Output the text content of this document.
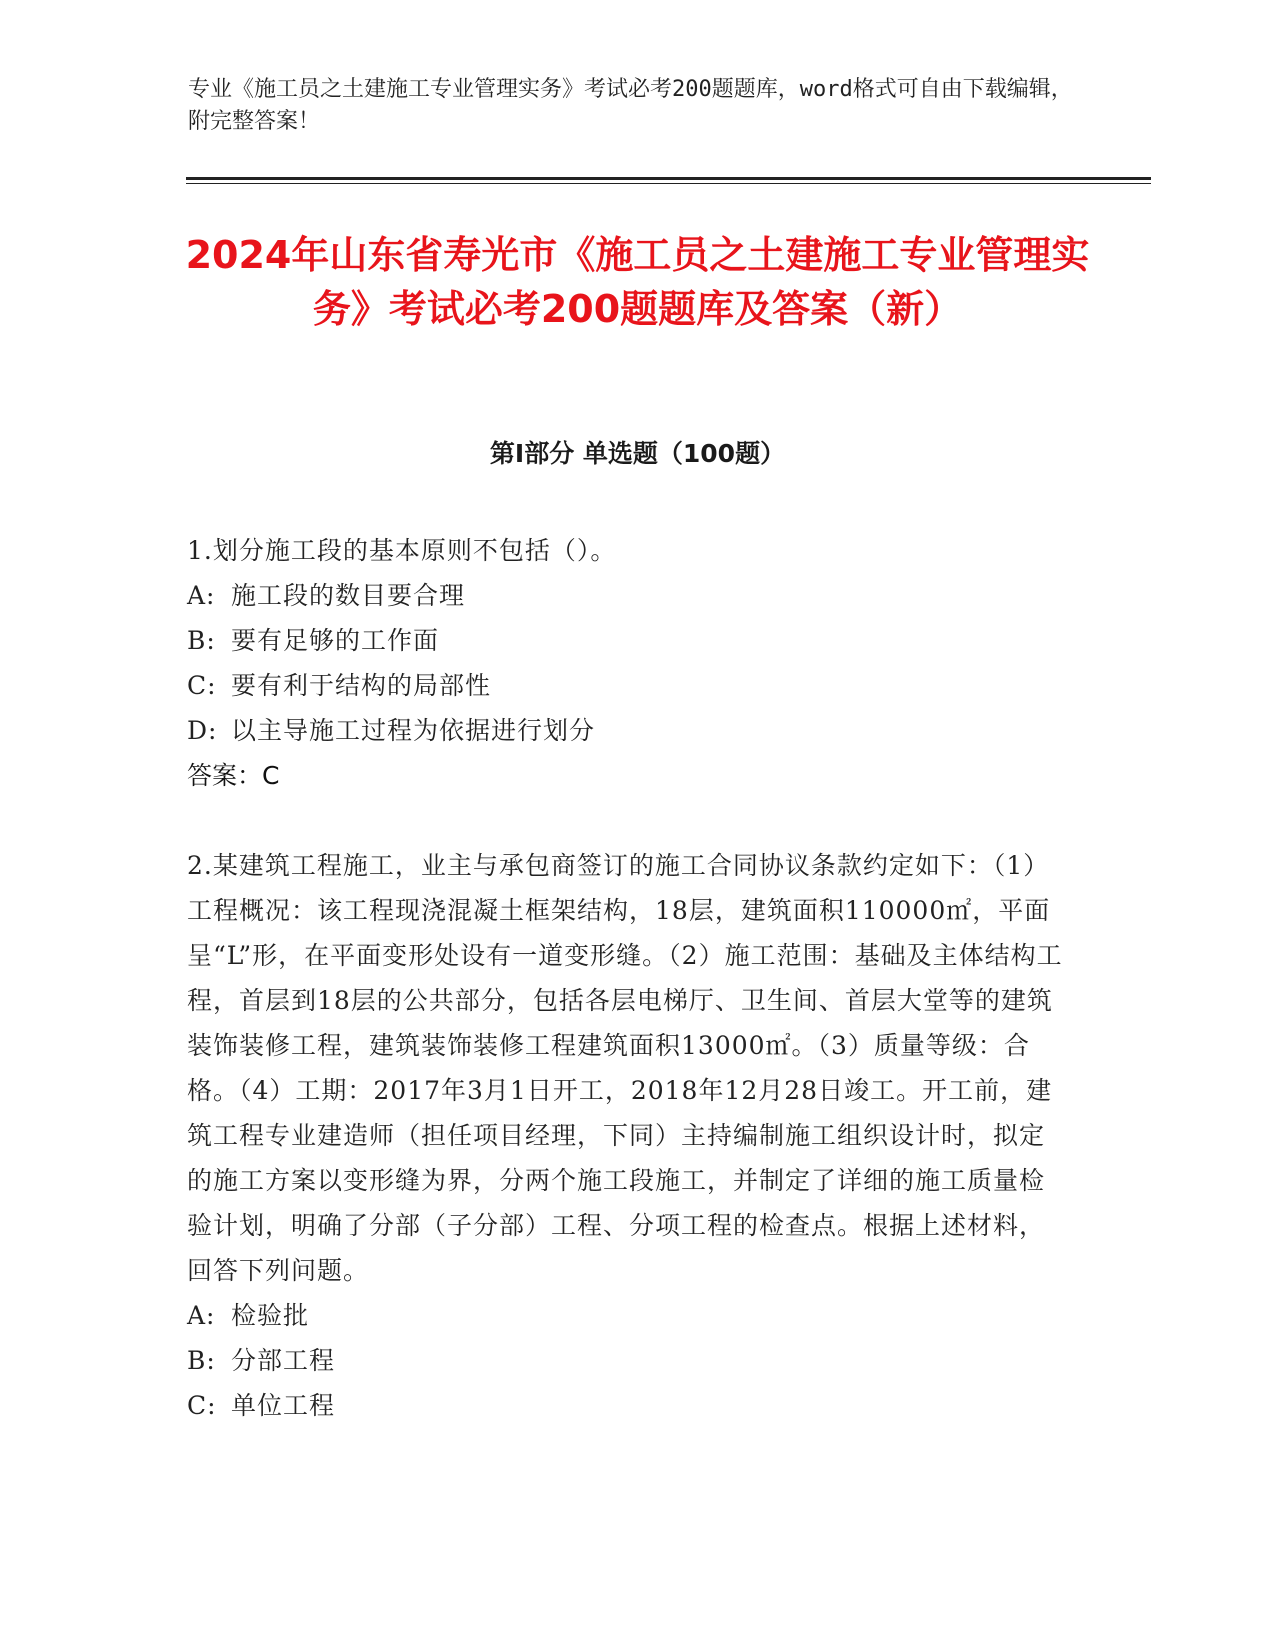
专业《施工员之土建施工专业管理实务》考试必考200题题库，word格式可自由下载编辑，附完整答案！
2024年山东省寿光市《施工员之土建施工专业管理实务》考试必考200题题库及答案（新）
第Ⅰ部分 单选题（100题）

1.划分施工段的基本原则不包括（）。

A: 施工段的数目要合理

B: 要有足够的工作面

C: 要有利于结构的局部性

D: 以主导施工过程为依据进行划分

答案：C

2.某建筑工程施工，业主与承包商签订的施工合同协议条款约定如下：（1）工程概况：该工程现浇混凝土框架结构，18层，建筑面积110000㎡，平面呈“L”形，在平面变形处设有一道变形缝。（2）施工范围：基础及主体结构工程，首层到18层的公共部分，包括各层电梯厅、卫生间、首层大堂等的建筑装饰装修工程，建筑装饰装修工程建筑面积13000㎡。（3）质量等级：合格。（4）工期：2017年3月1日开工，2018年12月28日竣工。开工前，建筑工程专业建造师（担任项目经理，下同）主持编制施工组织设计时，拟定的施工方案以变形缝为界，分两个施工段施工，并制定了详细的施工质量检验计划，明确了分部（子分部）工程、分项工程的检查点。根据上述材料，回答下列问题。

A: 检验批

B: 分部工程

C: 单位工程
